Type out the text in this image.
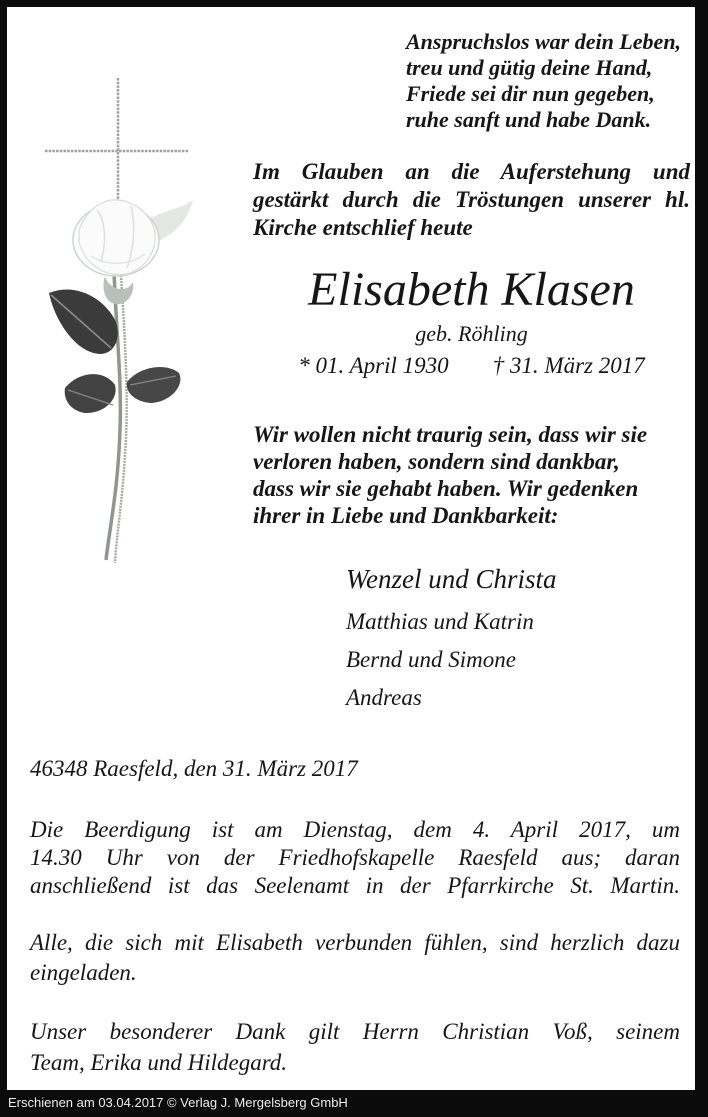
Anspruchslos war dein Leben,
treu und gütig deine Hand,
Friede sei dir nun gegeben,
ruhe sanft und habe Dank.
Im Glauben an die Auferstehung und
gestärkt durch die Tröstungen unserer hl.
Kirche entschlief heute
Elisabeth Klasen
geb. Röhling
* 01. April 1930 † 31. März 2017
Wir wollen nicht traurig sein, dass wir sie
verloren haben, sondern sind dankbar,
dass wir sie gehabt haben. Wir gedenken
ihrer in Liebe und Dankbarkeit:
Wenzel und Christa
Matthias und Katrin
Bernd und Simone
Andreas
46348 Raesfeld, den 31. März 2017
Die Beerdigung ist am Dienstag, dem 4. April 2017, um
14.30 Uhr von der Friedhofskapelle Raesfeld aus; daran
anschließend ist das Seelenamt in der Pfarrkirche St. Martin.
Alle, die sich mit Elisabeth verbunden fühlen, sind herzlich dazu
eingeladen.
Unser besonderer Dank gilt Herrn Christian Voß, seinem
Team, Erika und Hildegard.
Erschienen am 03.04.2017 © Verlag J. Mergelsberg GmbH
